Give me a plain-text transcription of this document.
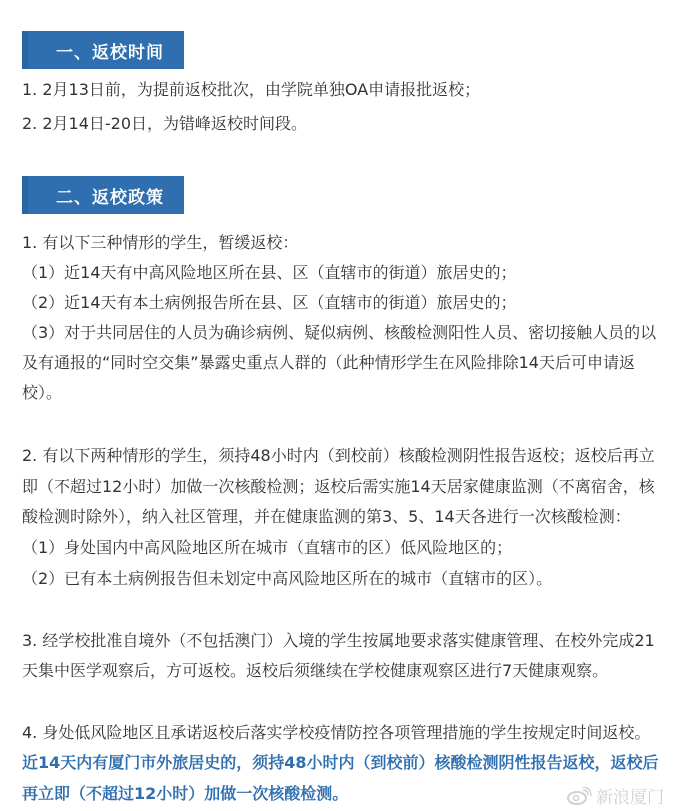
一、返校时间
1. 2月13日前，为提前返校批次，由学院单独OA申请报批返校；
2. 2月14日-20日，为错峰返校时间段。
二、返校政策
1. 有以下三种情形的学生，暂缓返校：
（1）近14天有中高风险地区所在县、区（直辖市的街道）旅居史的；
（2）近14天有本土病例报告所在县、区（直辖市的街道）旅居史的；
（3）对于共同居住的人员为确诊病例、疑似病例、核酸检测阳性人员、密切接触人员的以
及有通报的“同时空交集”暴露史重点人群的（此种情形学生在风险排除14天后可申请返
校）。
2. 有以下两种情形的学生，须持48小时内（到校前）核酸检测阴性报告返校；返校后再立
即（不超过12小时）加做一次核酸检测；返校后需实施14天居家健康监测（不离宿舍，核
酸检测时除外），纳入社区管理，并在健康监测的第3、5、14天各进行一次核酸检测：
（1）身处国内中高风险地区所在城市（直辖市的区）低风险地区的；
（2）已有本土病例报告但未划定中高风险地区所在的城市（直辖市的区）。
3. 经学校批准自境外（不包括澳门）入境的学生按属地要求落实健康管理、在校外完成21
天集中医学观察后，方可返校。返校后须继续在学校健康观察区进行7天健康观察。
4. 身处低风险地区且承诺返校后落实学校疫情防控各项管理措施的学生按规定时间返校。
近14天内有厦门市外旅居史的，须持48小时内（到校前）核酸检测阴性报告返校，返校后
再立即（不超过12小时）加做一次核酸检测。	新浪厦门
